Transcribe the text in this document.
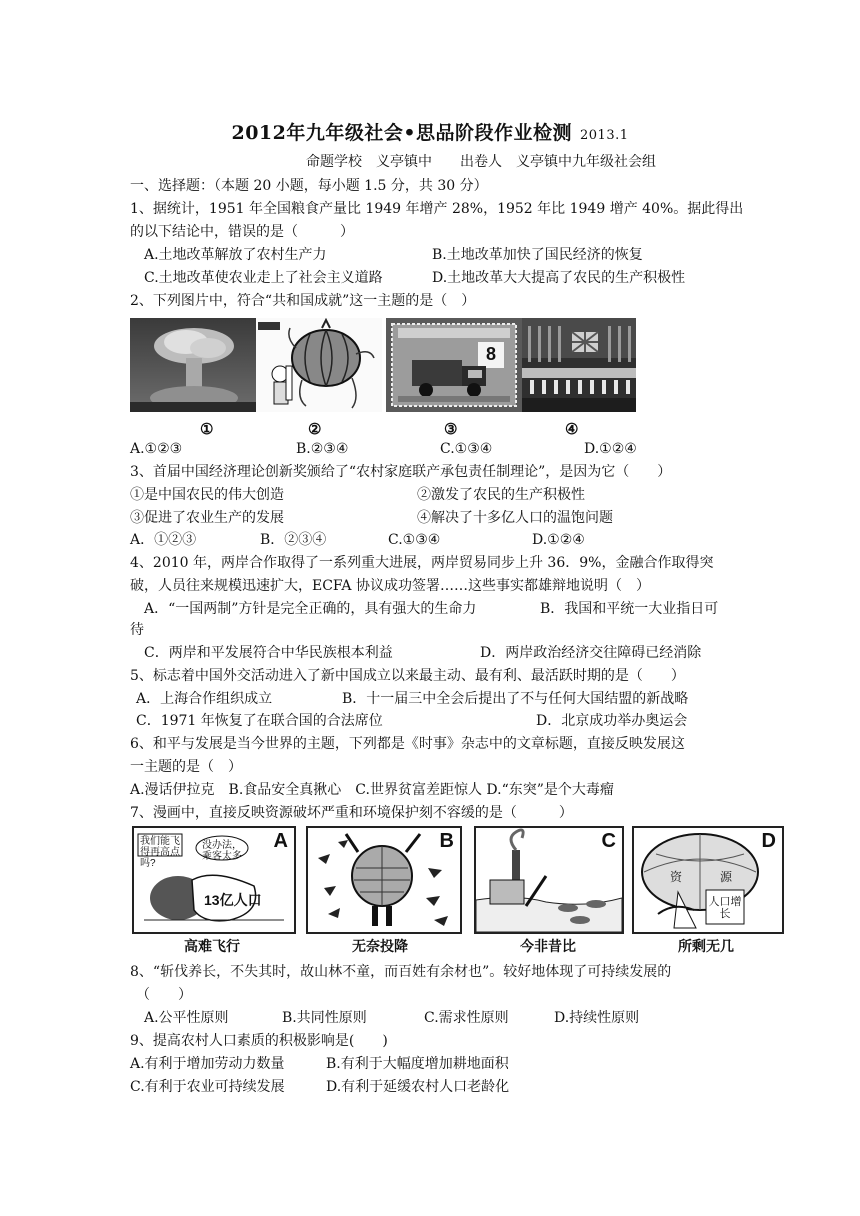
2012年九年级社会•思品阶段作业检测 2013.1
命题学校　义亭镇中　　出卷人　义亭镇中九年级社会组
一、选择题：（本题 20 小题，每小题 1.5 分，共 30 分）
1、据统计，1951 年全国粮食产量比 1949 年增产 28%，1952 年比 1949 增产 40%。据此得出
的以下结论中，错误的是（　　　）
A.土地改革解放了农村生产力	B.土地改革加快了国民经济的恢复
C.土地改革使农业走上了社会主义道路	D.土地改革大大提高了农民的生产积极性
2、下列图片中，符合“共和国成就”这一主题的是（　）
8
①	②	③	④
A.①②③	B.②③④	C.①③④	D.①②④
3、首届中国经济理论创新奖颁给了“农村家庭联产承包责任制理论”，是因为它（　　）
①是中国农民的伟大创造	②激发了农民的生产积极性
③促进了农业生产的发展	④解决了十多亿人口的温饱问题
A．①②③	B．②③④	C.①③④	D.①②④
4、2010 年，两岸合作取得了一系列重大进展，两岸贸易同步上升 36．9%，金融合作取得突
破，人员往来规模迅速扩大，ECFA 协议成功签署……这些事实都雄辩地说明（　）
A．“一国两制”方针是完全正确的，具有强大的生命力	B．我国和平统一大业指日可
待
C．两岸和平发展符合中华民族根本利益	D．两岸政治经济交往障碍已经消除
5、标志着中国外交活动进入了新中国成立以来最主动、最有利、最活跃时期的是（　　）
A．上海合作组织成立	B．十一届三中全会后提出了不与任何大国结盟的新战略
C．1971 年恢复了在联合国的合法席位	D．北京成功举办奥运会
6、和平与发展是当今世界的主题，下列都是《时事》杂志中的文章标题，直接反映发展这
一主题的是（　）
A.漫话伊拉克　B.食品安全真揪心　C.世界贫富差距惊人 D.“东突”是个大毒瘤
7、漫画中，直接反映资源破坏严重和环境保护刻不容缓的是（　　　）
A
我们能飞得再高点吗?
没办法，乘客太多
13亿人口
高难飞行
B
无奈投降
C
今非昔比
D
资	源
人口增长
所剩无几
8、“斩伐养长，不失其时，故山林不童，而百姓有余材也”。较好地体现了可持续发展的
（　　）
A.公平性原则	B.共同性原则	C.需求性原则	D.持续性原则
9、提高农村人口素质的积极影响是(　　)
A.有利于增加劳动力数量	B.有利于大幅度增加耕地面积
C.有利于农业可持续发展	D.有利于延缓农村人口老龄化
